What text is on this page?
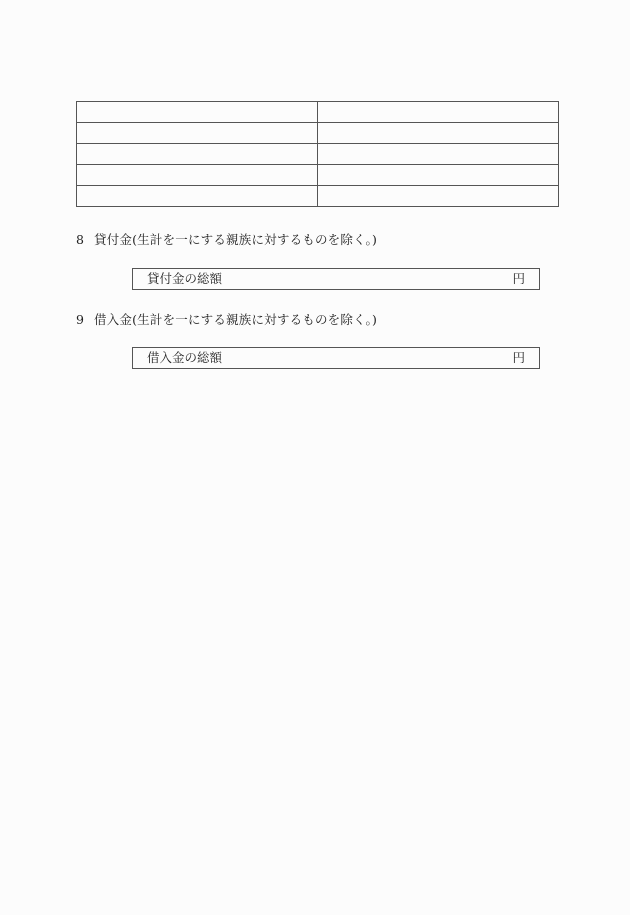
8 貸付金(生計を一にする親族に対するものを除く。)
貸付金の総額	円
9 借入金(生計を一にする親族に対するものを除く。)
借入金の総額	円
